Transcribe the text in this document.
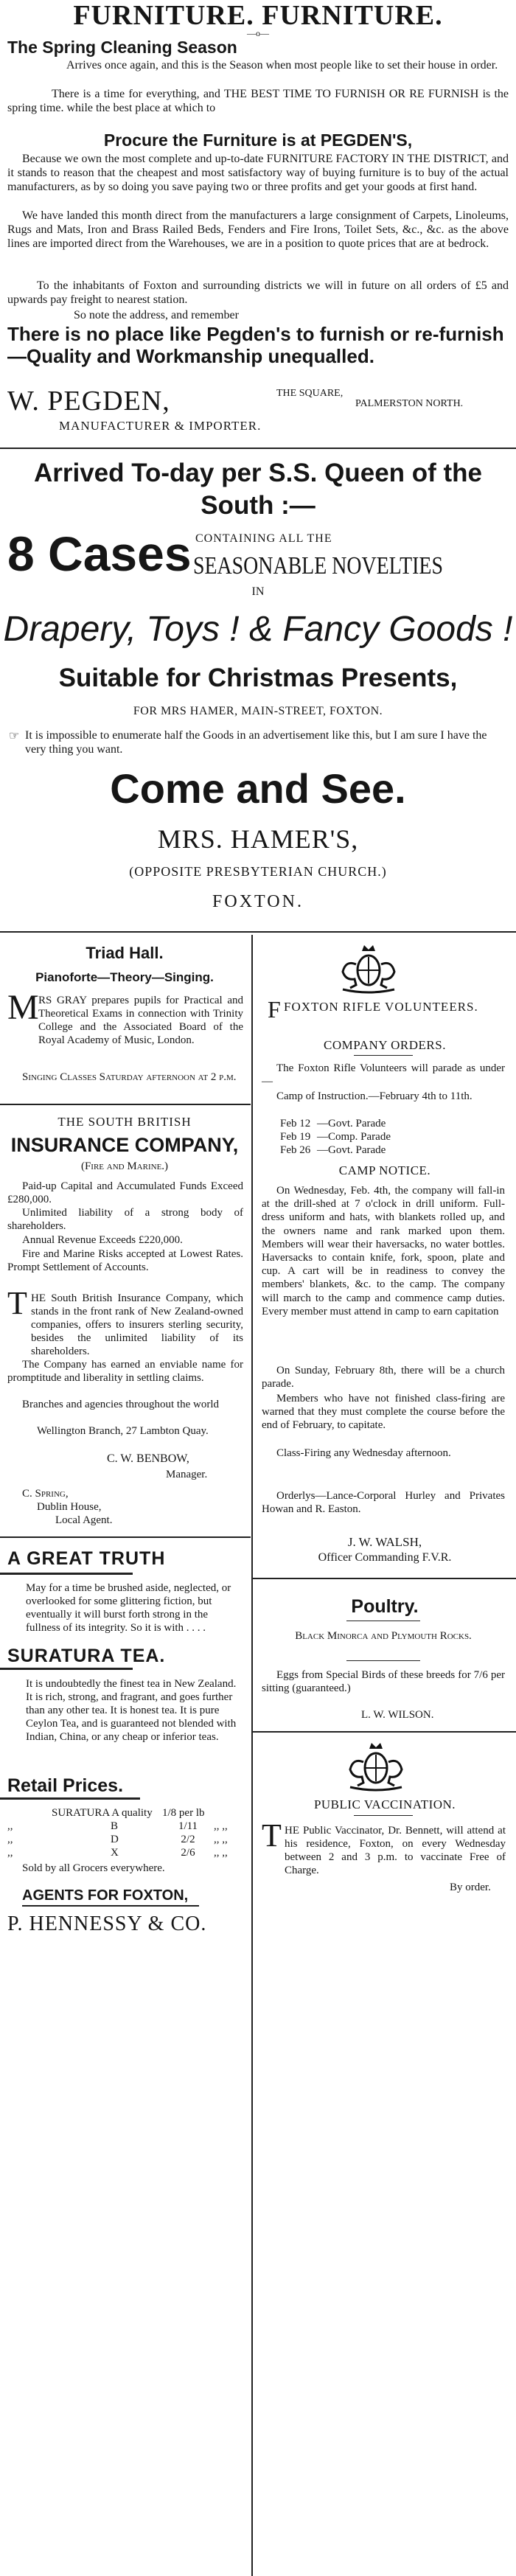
FURNITURE. FURNITURE.
—o—
The Spring Cleaning Season

Arrives once again, and this is the Season when most people like to set their house in order.

There is a time for everything, and THE BEST TIME TO FURNISH OR RE FURNISH is the spring time. while the best place at which to

Procure the Furniture is at PEGDEN'S,

Because we own the most complete and up-to-date FURNITURE FACTORY IN THE DISTRICT, and it stands to reason that the cheapest and most satisfactory way of buying furniture is to buy of the actual manufacturers, as by so doing you save paying two or three profits and get your goods at first hand.

We have landed this month direct from the manufacturers a large consignment of Carpets, Linoleums, Rugs and Mats, Iron and Brass Railed Beds, Fenders and Fire Irons, Toilet Sets, &c., &c. as the above lines are imported direct from the Warehouses, we are in a position to quote prices that are at bedrock.

To the inhabitants of Foxton and surrounding districts we will in future on all orders of £5 and upwards pay freight to nearest station.

So note the address, and remember

There is no place like Pegden's to furnish or re-furnish—Quality and Workmanship unequalled.

W. PEGDEN,	THE SQUARE,
PALMERSTON NORTH.
MANUFACTURER & IMPORTER.
Arrived To-day per S.S. Queen of the South :—
8 Cases CONTAINING ALL THE
SEASONABLE NOVELTIES
IN
Drapery, Toys ! & Fancy Goods !
Suitable for Christmas Presents,
FOR MRS HAMER, MAIN-STREET, FOXTON.
☞ It is impossible to enumerate half the Goods in an advertisement like this, but I am sure I have the very thing you want.

Come and See.
MRS. HAMER'S,
(OPPOSITE PRESBYTERIAN CHURCH.)
FOXTON.
Triad Hall.
Pianoforte—Theory—Singing.
M RS GRAY prepares pupils for Practical and Theoretical Exams in connection with Trinity College and the Associated Board of the Royal Academy of Music, London.

Singing Classes Saturday afternoon at 2 p.m.

THE SOUTH BRITISH
INSURANCE COMPANY,
(Fire and Marine.)

Paid-up Capital and Accumulated Funds Exceed £280,000.

Unlimited liability of a strong body of shareholders.

Annual Revenue Exceeds £220,000.

Fire and Marine Risks accepted at Lowest Rates. Prompt Settlement of Accounts.

T HE South British Insurance Company, which stands in the front rank of New Zealand-owned companies, offers to insurers sterling security, besides the unlimited liability of its shareholders.

The Company has earned an enviable name for promptitude and liberality in settling claims.

Branches and agencies throughout the world

Wellington Branch, 27 Lambton Quay.

C. W. BENBOW,
Manager.
C. Spring,
Dublin House,
Local Agent.
A GREAT TRUTH

May for a time be brushed aside, neglected, or overlooked for some glittering fiction, but eventually it will burst forth strong in the fullness of its integrity. So it is with . . . .

SURATURA TEA.

It is undoubtedly the finest tea in New Zealand. It is rich, strong, and fragrant, and goes further than any other tea. It is honest tea. It is pure Ceylon Tea, and is guaranteed not blended with Indian, China, or any cheap or inferior teas.

Retail Prices.
SURATURA A quality 1/8 per lb
,,	B	1/11	,, ,,
,,	D	2/2	,, ,,
,,	X	2/6	,, ,,
Sold by all Grocers everywhere.
AGENTS FOR FOXTON,
P. HENNESSY & CO.
F FOXTON RIFLE VOLUNTEERS.
COMPANY ORDERS.

The Foxton Rifle Volunteers will parade as under—

Camp of Instruction.—February 4th to 11th.

Feb 12 — Govt. Parade
Feb 19 — Comp. Parade
Feb 26 — Govt. Parade
CAMP NOTICE.

On Wednesday, Feb. 4th, the company will fall-in at the drill-shed at 7 o'clock in drill uniform. Full-dress uniform and hats, with blankets rolled up, and the owners name and rank marked upon them. Members will wear their haversacks, no water bottles. Haversacks to contain knife, fork, spoon, plate and cup. A cart will be in readiness to convey the members' blankets, &c. to the camp. The company will march to the camp and commence camp duties. Every member must attend in camp to earn capitation

On Sunday, February 8th, there will be a church parade.

Members who have not finished class-firing are warned that they must complete the course before the end of February, to capitate.

Class-Firing any Wednesday afternoon.

Orderlys—Lance-Corporal Hurley and Privates Howan and R. Easton.

J. W. WALSH,
Officer Commanding F.V.R.
Poultry.

Black Minorca and Plymouth Rocks.

Eggs from Special Birds of these breeds for 7/6 per sitting (guaranteed.)

L. W. WILSON.
PUBLIC VACCINATION.
T HE Public Vaccinator, Dr. Bennett, will attend at his residence, Foxton, on every Wednesday between 2 and 3 p.m. to vaccinate Free of Charge.

By order.
